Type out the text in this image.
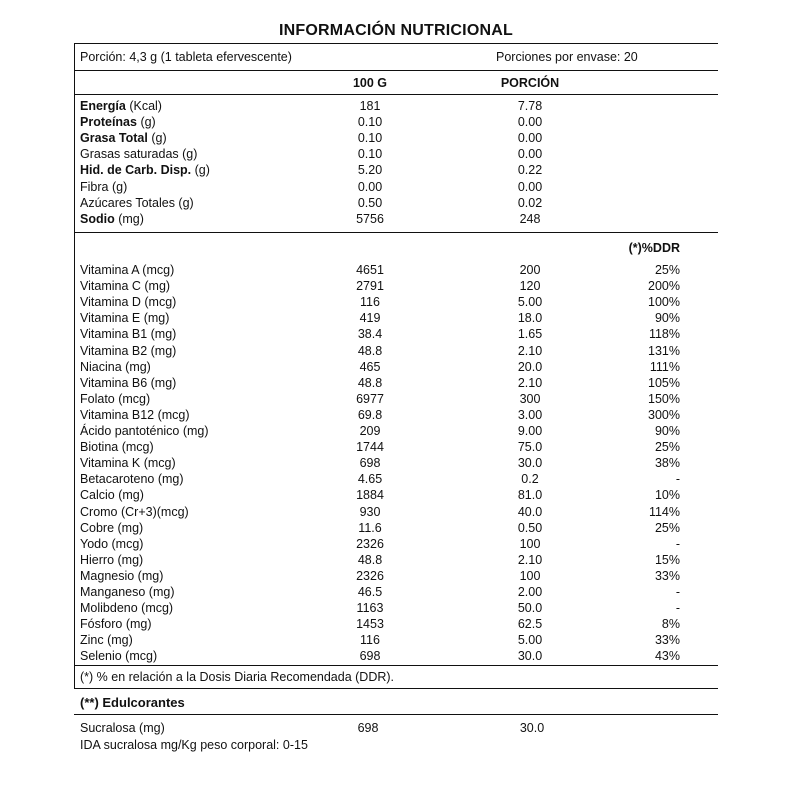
INFORMACIÓN NUTRICIONAL
Porción: 4,3 g (1 tableta efervescente)	Porciones por envase: 20
100 G	PORCIÓN
Energía (Kcal)	181	7.78
Proteínas (g)	0.10	0.00
Grasa Total (g)	0.10	0.00
Grasas saturadas (g)	0.10	0.00
Hid. de Carb. Disp. (g)	5.20	0.22
Fibra (g)	0.00	0.00
Azúcares Totales (g)	0.50	0.02
Sodio (mg)	5756	248
(*)%DDR
Vitamina A (mcg)	4651	200	25%
Vitamina C (mg)	2791	120	200%
Vitamina D (mcg)	116	5.00	100%
Vitamina E (mg)	419	18.0	90%
Vitamina B1 (mg)	38.4	1.65	118%
Vitamina B2 (mg)	48.8	2.10	131%
Niacina (mg)	465	20.0	111%
Vitamina B6 (mg)	48.8	2.10	105%
Folato (mcg)	6977	300	150%
Vitamina B12 (mcg)	69.8	3.00	300%
Ácido pantoténico (mg)	209	9.00	90%
Biotina (mcg)	1744	75.0	25%
Vitamina K (mcg)	698	30.0	38%
Betacaroteno (mg)	4.65	0.2	-
Calcio (mg)	1884	81.0	10%
Cromo (Cr+3)(mcg)	930	40.0	114%
Cobre (mg)	11.6	0.50	25%
Yodo (mcg)	2326	100	-
Hierro (mg)	48.8	2.10	15%
Magnesio (mg)	2326	100	33%
Manganeso (mg)	46.5	2.00	-
Molibdeno (mcg)	1163	50.0	-
Fósforo (mg)	1453	62.5	8%
Zinc (mg)	116	5.00	33%
Selenio (mcg)	698	30.0	43%
(*) % en relación a la Dosis Diaria Recomendada (DDR).
(**) Edulcorantes
Sucralosa (mg)	698	30.0
IDA sucralosa mg/Kg peso corporal: 0-15
